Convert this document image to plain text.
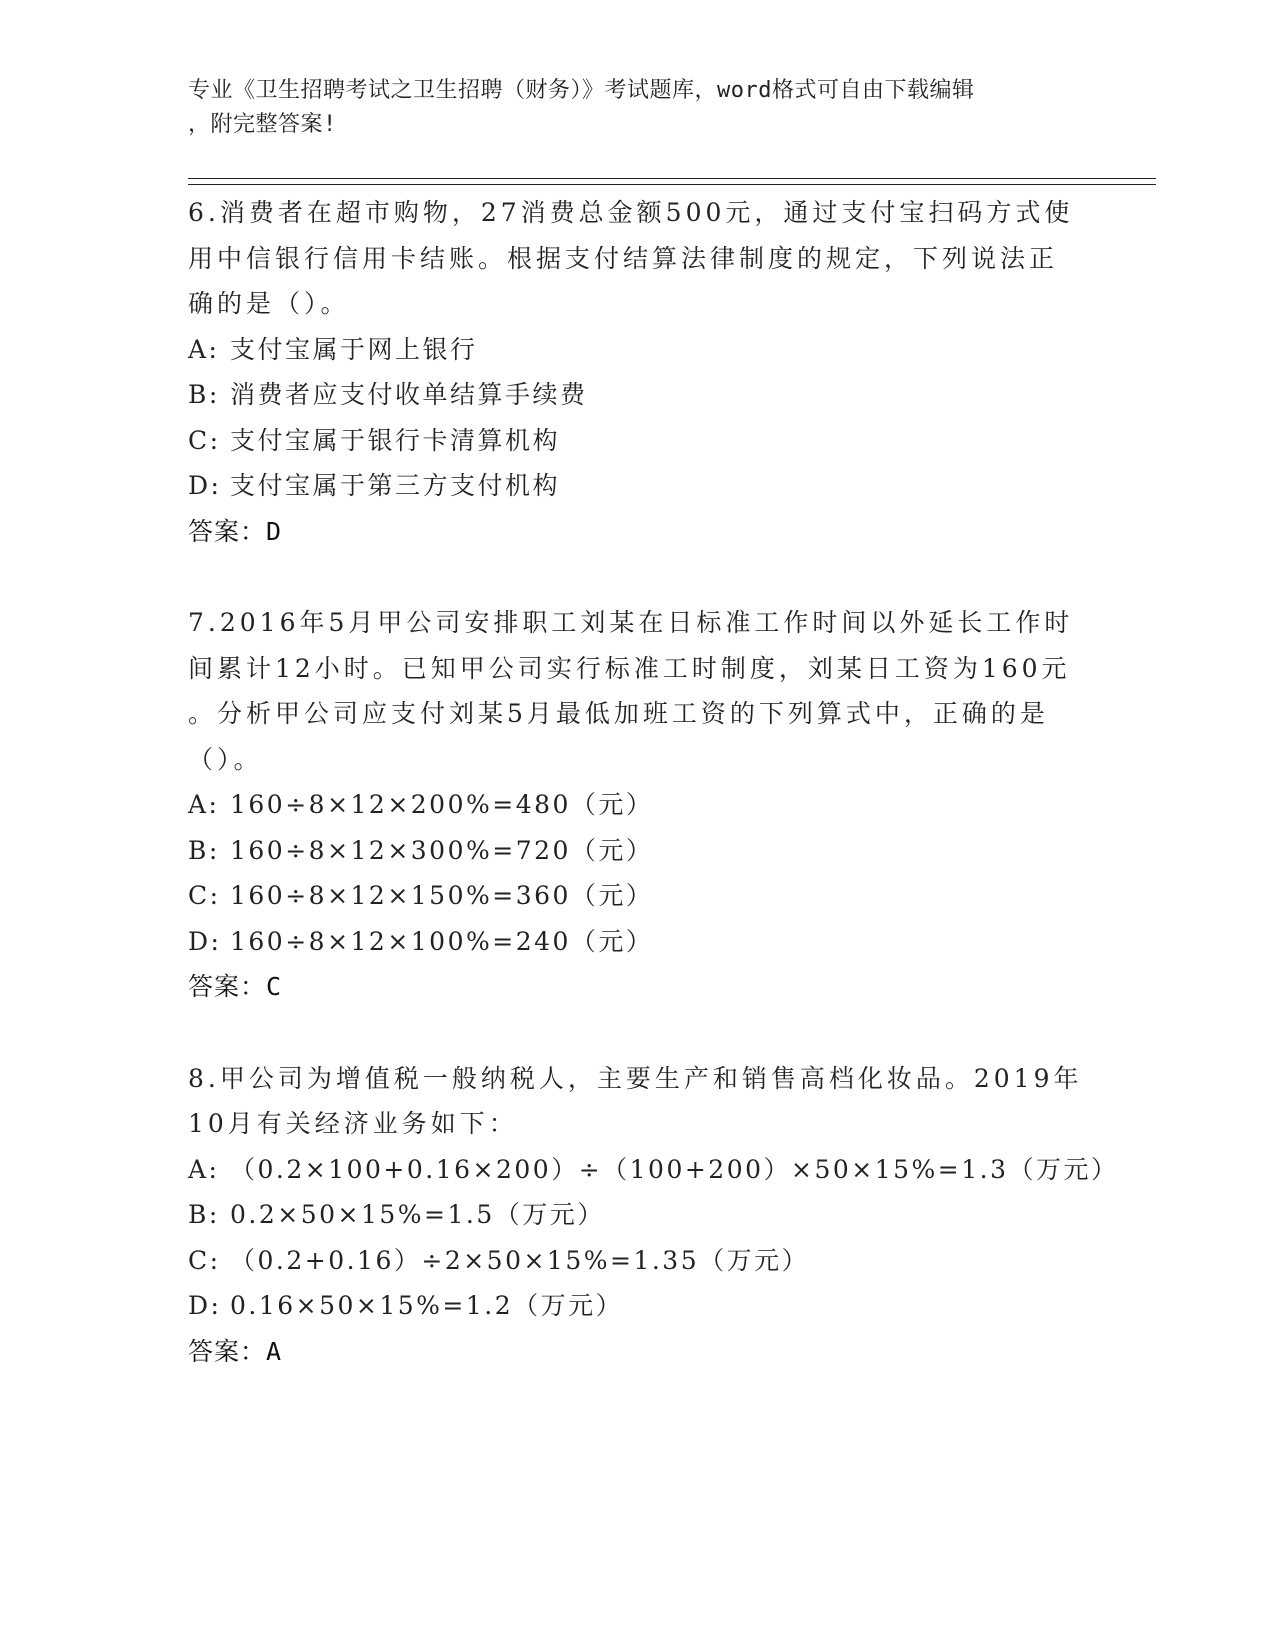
专业《卫生招聘考试之卫生招聘（财务）》考试题库，word格式可自由下载编辑
，附完整答案!

6.消费者在超市购物，27消费总金额500元，通过支付宝扫码方式使

用中信银行信用卡结账。根据支付结算法律制度的规定，下列说法正

确的是（）。

A: 支付宝属于网上银行

B: 消费者应支付收单结算手续费

C: 支付宝属于银行卡清算机构

D: 支付宝属于第三方支付机构

答案：D

7.2016年5月甲公司安排职工刘某在日标准工作时间以外延长工作时

间累计12小时。已知甲公司实行标准工时制度，刘某日工资为160元

。分析甲公司应支付刘某5月最低加班工资的下列算式中，正确的是

（）。

A: 160÷8×12×200%=480（元）

B: 160÷8×12×300%=720（元）

C: 160÷8×12×150%=360（元）

D: 160÷8×12×100%=240（元）

答案：C

8.甲公司为增值税一般纳税人，主要生产和销售高档化妆品。2019年

10月有关经济业务如下：

A: （0.2×100+0.16×200）÷（100+200）×50×15%=1.3（万元）

B: 0.2×50×15%=1.5（万元）

C: （0.2+0.16）÷2×50×15%=1.35（万元）

D: 0.16×50×15%=1.2（万元）

答案：A
